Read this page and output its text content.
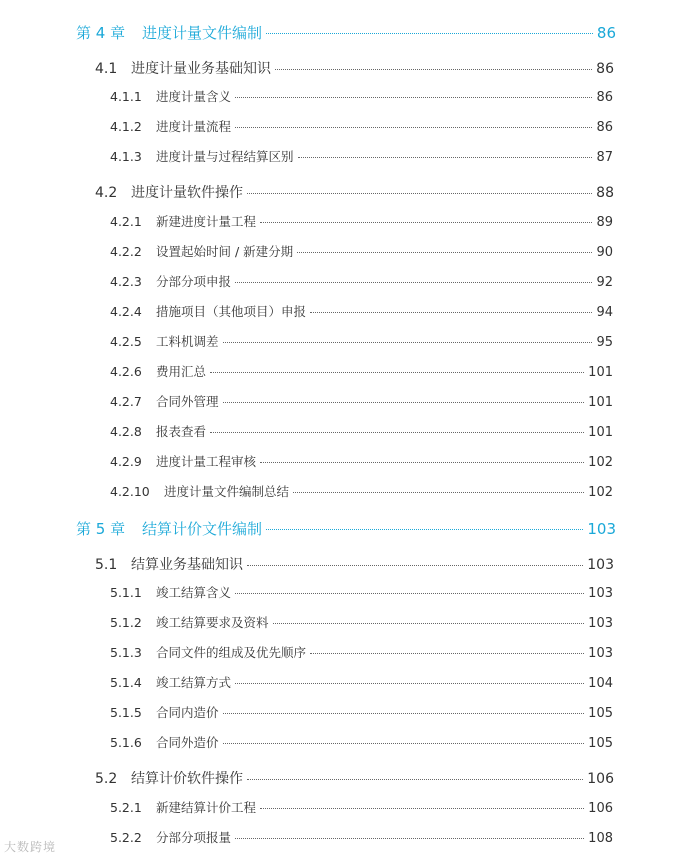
第 4 章	进度计量文件编制	86
4.1 进度计量业务基础知识	86
4.1.1	进度计量含义	86
4.1.2	进度计量流程	86
4.1.3	进度计量与过程结算区别	87
4.2 进度计量软件操作	88
4.2.1	新建进度计量工程	89
4.2.2	设置起始时间 / 新建分期	90
4.2.3	分部分项申报	92
4.2.4	措施项目（其他项目）申报	94
4.2.5	工料机调差	95
4.2.6	费用汇总	101
4.2.7	合同外管理	101
4.2.8	报表查看	101
4.2.9	进度计量工程审核	102
4.2.10	进度计量文件编制总结	102
第 5 章	结算计价文件编制	103
5.1 结算业务基础知识	103
5.1.1	竣工结算含义	103
5.1.2	竣工结算要求及资料	103
5.1.3	合同文件的组成及优先顺序	103
5.1.4	竣工结算方式	104
5.1.5	合同内造价	105
5.1.6	合同外造价	105
5.2 结算计价软件操作	106
5.2.1	新建结算计价工程	106
5.2.2	分部分项报量	108
大数跨境
